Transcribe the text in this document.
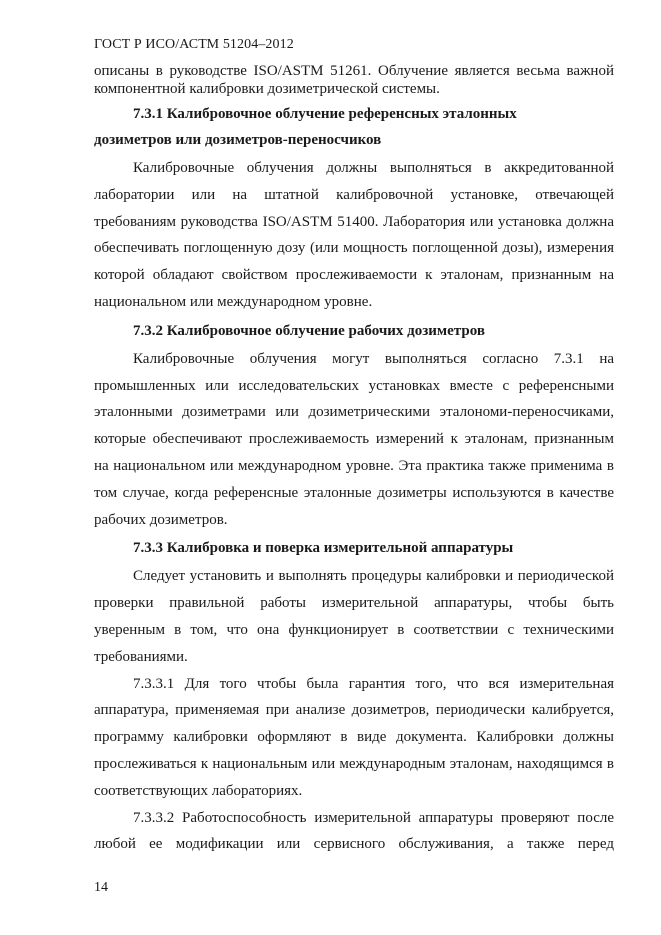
ГОСТ Р ИСО/АСТМ 51204–2012

описаны в руководстве ISO/ASTM 51261. Облучение является весьма важной компонентной калибровки дозиметрической системы.

7.3.1 Калибровочное облучение референсных эталонных

дозиметров или дозиметров-переносчиков

Калибровочные облучения должны выполняться в аккредитованной лаборатории или на штатной калибровочной установке, отвечающей требованиям руководства ISO/ASTM 51400. Лаборатория или установка должна обеспечивать поглощенную дозу (или мощность поглощенной дозы), измерения которой обладают свойством прослеживаемости к эталонам, признанным на национальном или международном уровне.

7.3.2 Калибровочное облучение рабочих дозиметров

Калибровочные облучения могут выполняться согласно 7.3.1 на промышленных или исследовательских установках вместе с референсными эталонными дозиметрами или дозиметрическими эталономи-переносчиками, которые обеспечивают прослеживаемость измерений к эталонам, признанным на национальном или международном уровне. Эта практика также применима в том случае, когда референсные эталонные дозиметры используются в качестве рабочих дозиметров.

7.3.3 Калибровка и поверка измерительной аппаратуры

Следует установить и выполнять процедуры калибровки и периодической проверки правильной работы измерительной аппаратуры, чтобы быть уверенным в том, что она функционирует в соответствии с техническими требованиями.

7.3.3.1 Для того чтобы была гарантия того, что вся измерительная аппаратура, применяемая при анализе дозиметров, периодически калибруется, программу калибровки оформляют в виде документа. Калибровки должны прослеживаться к национальным или международным эталонам, находящимся в соответствующих лабораториях.

7.3.3.2 Работоспособность измерительной аппаратуры проверяют после любой ее модификации или сервисного обслуживания, а также перед

14
